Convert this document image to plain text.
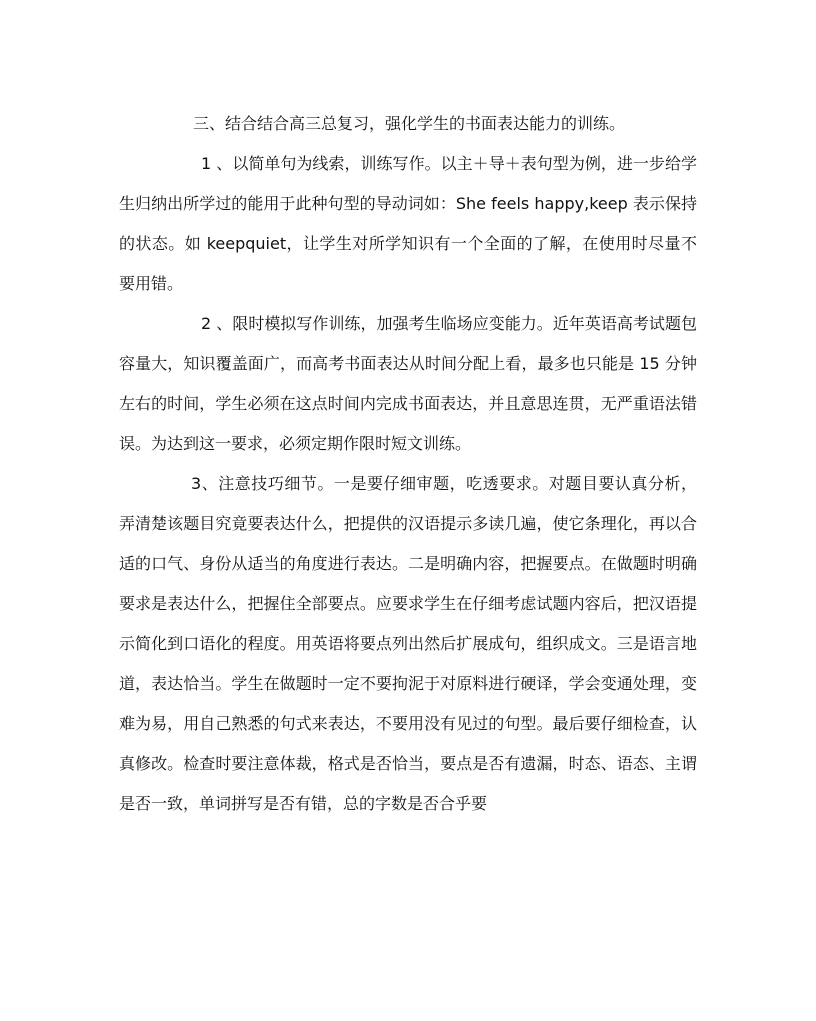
三、结合结合高三总复习，强化学生的书面表达能力的训练。

1 、以简单句为线索，训练写作。以主＋导＋表句型为例，进一步给学生归纳出所学过的能用于此种句型的导动词如：She feels happy,keep 表示保持的状态。如 keepquiet，让学生对所学知识有一个全面的了解，在使用时尽量不要用错。

2 、限时模拟写作训练，加强考生临场应变能力。近年英语高考试题包容量大，知识覆盖面广，而高考书面表达从时间分配上看，最多也只能是 15 分钟左右的时间，学生必须在这点时间内完成书面表达，并且意思连贯，无严重语法错误。为达到这一要求，必须定期作限时短文训练。

3、注意技巧细节。一是要仔细审题，吃透要求。对题目要认真分析，弄清楚该题目究竟要表达什么，把提供的汉语提示多读几遍，使它条理化，再以合适的口气、身份从适当的角度进行表达。二是明确内容，把握要点。在做题时明确要求是表达什么，把握住全部要点。应要求学生在仔细考虑试题内容后，把汉语提示简化到口语化的程度。用英语将要点列出然后扩展成句，组织成文。三是语言地道，表达恰当。学生在做题时一定不要拘泥于对原料进行硬译，学会变通处理，变难为易，用自己熟悉的句式来表达，不要用没有见过的句型。最后要仔细检查，认真修改。检查时要注意体裁，格式是否恰当，要点是否有遗漏，时态、语态、主谓是否一致，单词拼写是否有错，总的字数是否合乎要
